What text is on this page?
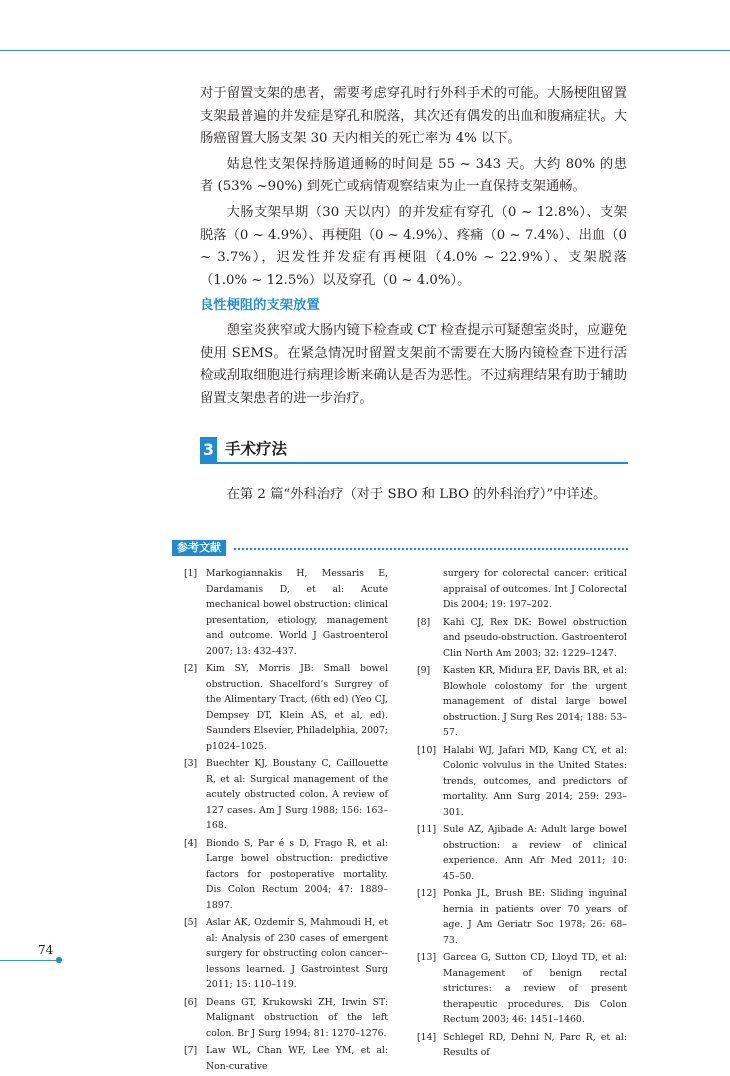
对于留置支架的患者，需要考虑穿孔时行外科手术的可能。大肠梗阻留置支架最普遍的并发症是穿孔和脱落，其次还有偶发的出血和腹痛症状。大肠癌留置大肠支架 30 天内相关的死亡率为 4% 以下。

姑息性支架保持肠道通畅的时间是 55 ~ 343 天。大约 80% 的患者 (53% ~90%) 到死亡或病情观察结束为止一直保持支架通畅。

大肠支架早期（30 天以内）的并发症有穿孔（0 ~ 12.8%）、支架脱落（0 ~ 4.9%）、再梗阻（0 ~ 4.9%）、疼痛（0 ~ 7.4%）、出血（0 ~ 3.7%），迟发性并发症有再梗阻（4.0% ~ 22.9%）、支架脱落（1.0% ~ 12.5%）以及穿孔（0 ~ 4.0%）。

良性梗阻的支架放置

憩室炎狭窄或大肠内镜下检查或 CT 检查提示可疑憩室炎时，应避免使用 SEMS。在紧急情况时留置支架前不需要在大肠内镜检查下进行活检或刮取细胞进行病理诊断来确认是否为恶性。不过病理结果有助于辅助留置支架患者的进一步治疗。

3 手术疗法
在第 2 篇“外科治疗（对于 SBO 和 LBO 的外科治疗）”中详述。
参考文献
[1] Markogiannakis H, Messaris E, Dardamanis D, et al: Acute mechanical bowel obstruction: clinical presentation, etiology, management and outcome. World J Gastroenterol 2007; 13: 432–437.
[2] Kim SY, Morris JB: Small bowel obstruction. Shacelford’s Surgrey of the Alimentary Tract, (6th ed) (Yeo CJ, Dempsey DT, Klein AS, et al, ed). Saunders Elsevier, Philadelphia, 2007; p1024–1025.
[3] Buechter KJ, Boustany C, Caillouette R, et al: Surgical management of the acutely obstructed colon. A review of 127 cases. Am J Surg 1988; 156: 163–168.
[4] Biondo S, Par é s D, Frago R, et al: Large bowel obstruction: predictive factors for postoperative mortality. Dis Colon Rectum 2004; 47: 1889–1897.
[5] Aslar AK, Ozdemir S, Mahmoudi H, et al: Analysis of 230 cases of emergent surgery for obstructing colon cancer--lessons learned. J Gastrointest Surg 2011; 15: 110–119.
[6] Deans GT, Krukowski ZH, Irwin ST: Malignant obstruction of the left colon. Br J Surg 1994; 81: 1270–1276.
[7] Law WL, Chan WF, Lee YM, et al: Non-curative
surgery for colorectal cancer: critical appraisal of outcomes. Int J Colorectal Dis 2004; 19: 197–202.
[8]	Kahi CJ, Rex DK: Bowel obstruction and pseudo-obstruction. Gastroenterol Clin North Am 2003; 32: 1229–1247.
[9]	Kasten KR, Midura EF, Davis BR, et al: Blowhole colostomy for the urgent management of distal large bowel obstruction. J Surg Res 2014; 188: 53–57.
[10] Halabi WJ, Jafari MD, Kang CY, et al: Colonic volvulus in the United States: trends, outcomes, and predictors of mortality. Ann Surg 2014; 259: 293–301.
[11] Sule AZ, Ajibade A: Adult large bowel obstruction: a review of clinical experience. Ann Afr Med 2011; 10: 45–50.
[12] Ponka JL, Brush BE: Sliding inguinal hernia in patients over 70 years of age. J Am Geriatr Soc 1978; 26: 68–73.
[13] Garcea G, Sutton CD, Lloyd TD, et al: Management of benign rectal strictures: a review of present therapeutic procedures. Dis Colon Rectum 2003; 46: 1451–1460.
[14] Schlegel RD, Dehni N, Parc R, et al: Results of
74
